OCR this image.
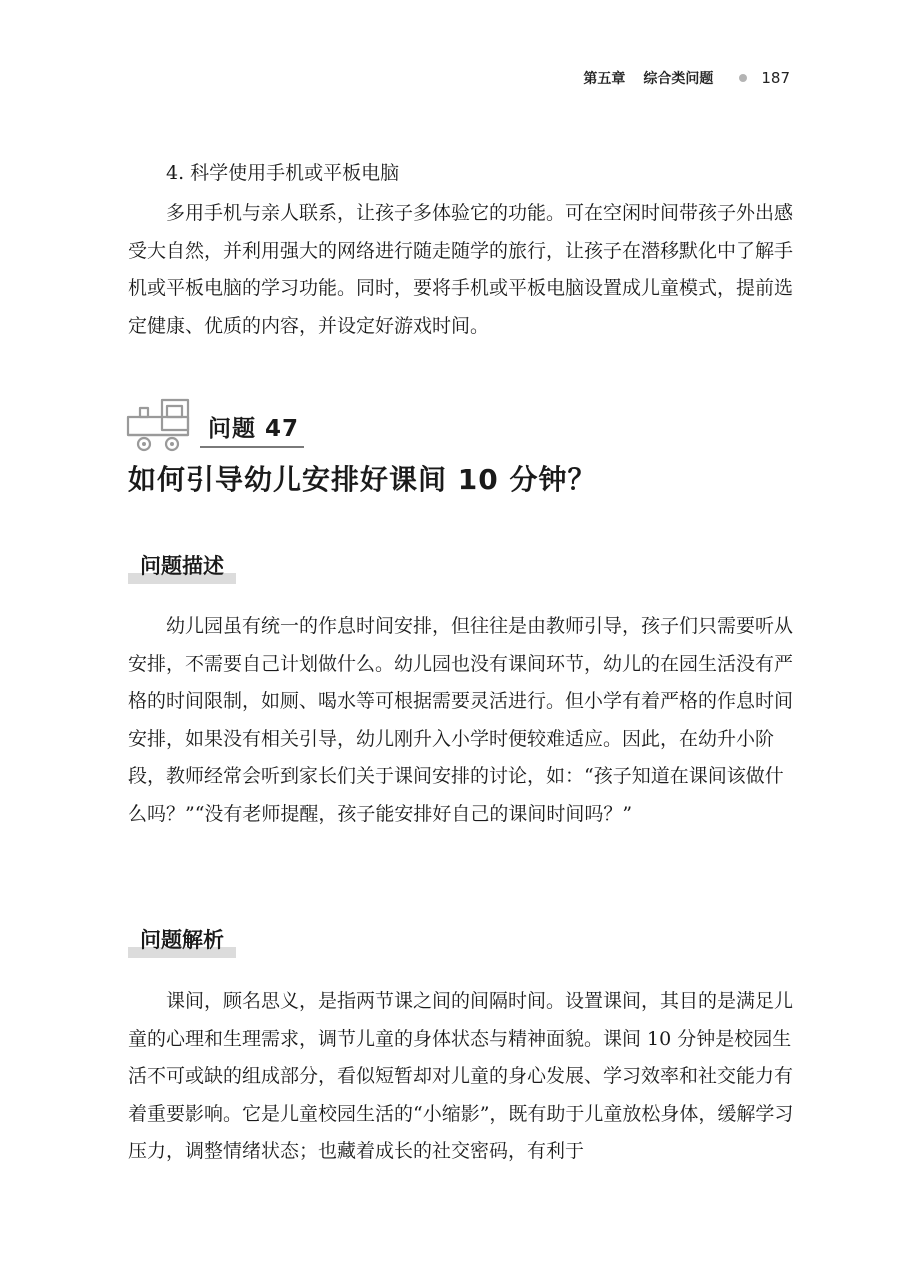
第五章 综合类问题	187

4. 科学使用手机或平板电脑

多用手机与亲人联系，让孩子多体验它的功能。可在空闲时间带孩子外出感受大自然，并利用强大的网络进行随走随学的旅行，让孩子在潜移默化中了解手机或平板电脑的学习功能。同时，要将手机或平板电脑设置成儿童模式，提前选定健康、优质的内容，并设定好游戏时间。

问题 47
如何引导幼儿安排好课间 10 分钟？
问题描述

幼儿园虽有统一的作息时间安排，但往往是由教师引导，孩子们只需要听从安排，不需要自己计划做什么。幼儿园也没有课间环节，幼儿的在园生活没有严格的时间限制，如厕、喝水等可根据需要灵活进行。但小学有着严格的作息时间安排，如果没有相关引导，幼儿刚升入小学时便较难适应。因此，在幼升小阶段，教师经常会听到家长们关于课间安排的讨论，如：“孩子知道在课间该做什么吗？”“没有老师提醒，孩子能安排好自己的课间时间吗？”

问题解析

课间，顾名思义，是指两节课之间的间隔时间。设置课间，其目的是满足儿童的心理和生理需求，调节儿童的身体状态与精神面貌。课间 10 分钟是校园生活不可或缺的组成部分，看似短暂却对儿童的身心发展、学习效率和社交能力有着重要影响。它是儿童校园生活的“小缩影”，既有助于儿童放松身体，缓解学习压力，调整情绪状态；也藏着成长的社交密码，有利于
